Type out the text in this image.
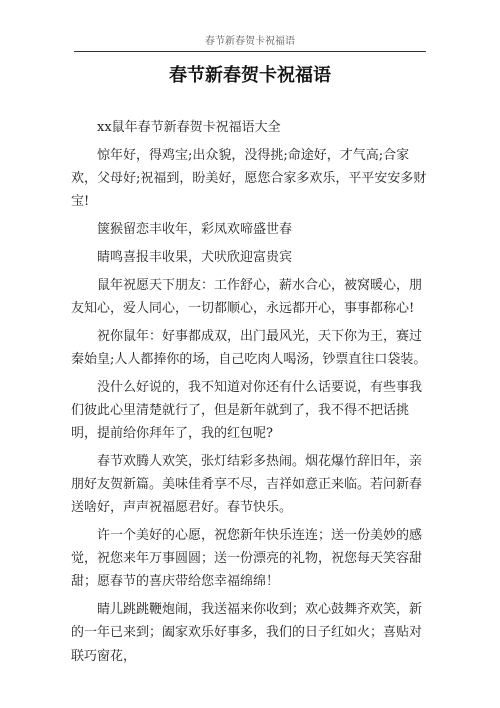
春节新春贺卡祝福语
春节新春贺卡祝福语

xx鼠年春节新春贺卡祝福语大全

惊年好，得鸡宝;出众貌，没得挑;命途好，才气高;合家欢，父母好;祝福到，盼美好，愿您合家多欢乐，平平安安多财宝!

箧猴留恋丰收年，彩凤欢啼盛世春

睛鸣喜报丰收果，犬吠欣迎富贵宾

鼠年祝愿天下朋友：工作舒心，薪水合心，被窝暖心，朋友知心，爱人同心，一切都顺心，永远都开心，事事都称心!

祝你鼠年：好事都成双，出门最风光，天下你为王，赛过秦始皇;人人都捧你的场，自己吃肉人喝汤，钞票直往口袋装。

没什么好说的，我不知道对你还有什么话要说，有些事我们彼此心里清楚就行了，但是新年就到了，我不得不把话挑明，提前给你拜年了，我的红包呢?

春节欢腾人欢笑，张灯结彩多热闹。烟花爆竹辞旧年，亲朋好友贺新篇。美味佳肴享不尽，吉祥如意正来临。若问新春送啥好，声声祝福愿君好。春节快乐。

许一个美好的心愿，祝您新年快乐连连；送一份美妙的感觉，祝您来年万事圆圆；送一份漂亮的礼物，祝您每天笑容甜甜；愿春节的喜庆带给您幸福绵绵！

睛儿跳跳鞭炮闹，我送福来你收到；欢心鼓舞齐欢笑，新的一年已来到；阖家欢乐好事多，我们的日子红如火；喜贴对联巧窗花，
